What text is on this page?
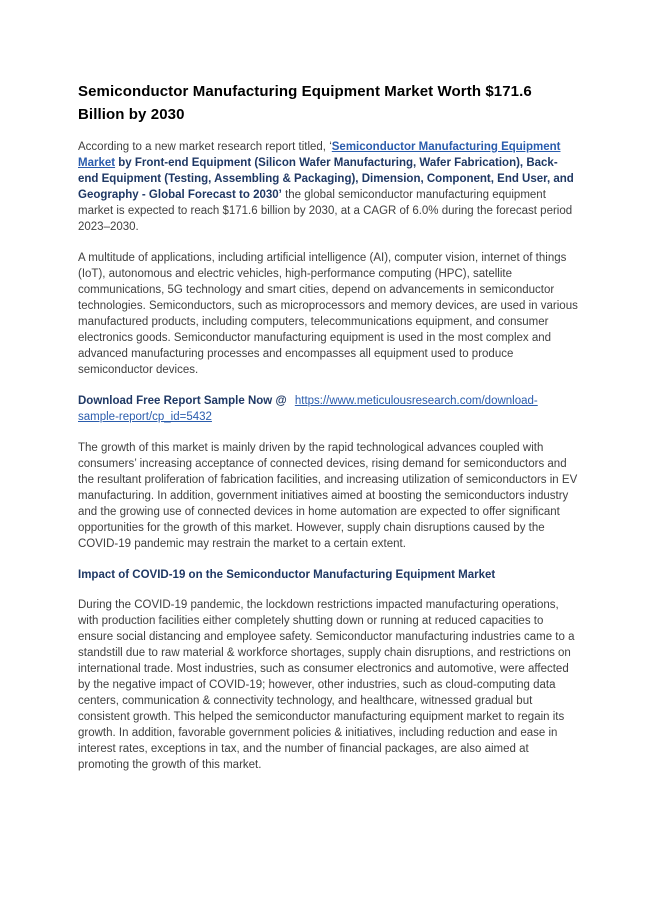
Semiconductor Manufacturing Equipment Market Worth $171.6 Billion by 2030

According to a new market research report titled, ‘Semiconductor Manufacturing Equipment Market by Front-end Equipment (Silicon Wafer Manufacturing, Wafer Fabrication), Back-end Equipment (Testing, Assembling & Packaging), Dimension, Component, End User, and Geography - Global Forecast to 2030’ the global semiconductor manufacturing equipment market is expected to reach $171.6 billion by 2030, at a CAGR of 6.0% during the forecast period 2023–2030.

A multitude of applications, including artificial intelligence (AI), computer vision, internet of things (IoT), autonomous and electric vehicles, high-performance computing (HPC), satellite communications, 5G technology and smart cities, depend on advancements in semiconductor technologies. Semiconductors, such as microprocessors and memory devices, are used in various manufactured products, including computers, telecommunications equipment, and consumer electronics goods. Semiconductor manufacturing equipment is used in the most complex and advanced manufacturing processes and encompasses all equipment used to produce semiconductor devices.

Download Free Report Sample Now @ https://www.meticulousresearch.com/download-sample-report/cp_id=5432

The growth of this market is mainly driven by the rapid technological advances coupled with consumers’ increasing acceptance of connected devices, rising demand for semiconductors and the resultant proliferation of fabrication facilities, and increasing utilization of semiconductors in EV manufacturing. In addition, government initiatives aimed at boosting the semiconductors industry and the growing use of connected devices in home automation are expected to offer significant opportunities for the growth of this market. However, supply chain disruptions caused by the COVID-19 pandemic may restrain the market to a certain extent.

Impact of COVID-19 on the Semiconductor Manufacturing Equipment Market

During the COVID-19 pandemic, the lockdown restrictions impacted manufacturing operations, with production facilities either completely shutting down or running at reduced capacities to ensure social distancing and employee safety. Semiconductor manufacturing industries came to a standstill due to raw material & workforce shortages, supply chain disruptions, and restrictions on international trade. Most industries, such as consumer electronics and automotive, were affected by the negative impact of COVID-19; however, other industries, such as cloud-computing data centers, communication & connectivity technology, and healthcare, witnessed gradual but consistent growth. This helped the semiconductor manufacturing equipment market to regain its growth. In addition, favorable government policies & initiatives, including reduction and ease in interest rates, exceptions in tax, and the number of financial packages, are also aimed at promoting the growth of this market.
